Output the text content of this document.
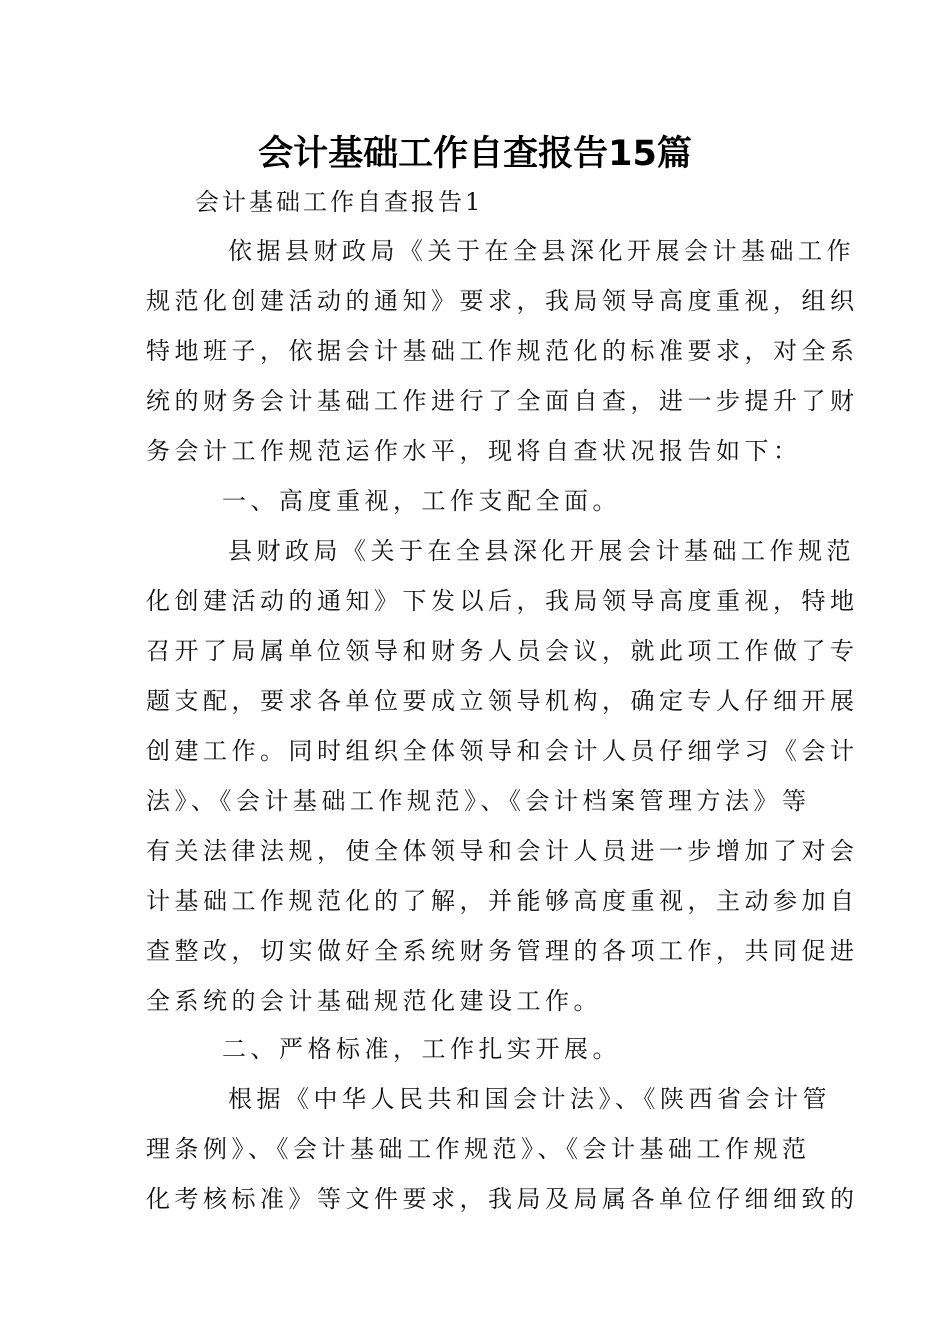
会计基础工作自查报告15篇
会计基础工作自查报告1
依据县财政局《关于在全县深化开展会计基础工作
规范化创建活动的通知》要求，我局领导高度重视，组织
特地班子，依据会计基础工作规范化的标准要求，对全系
统的财务会计基础工作进行了全面自查，进一步提升了财
务会计工作规范运作水平，现将自查状况报告如下：
一、高度重视，工作支配全面。
县财政局《关于在全县深化开展会计基础工作规范
化创建活动的通知》下发以后，我局领导高度重视，特地
召开了局属单位领导和财务人员会议，就此项工作做了专
题支配，要求各单位要成立领导机构，确定专人仔细开展
创建工作。同时组织全体领导和会计人员仔细学习《会计
法》、《会计基础工作规范》、《会计档案管理方法》等
有关法律法规，使全体领导和会计人员进一步增加了对会
计基础工作规范化的了解，并能够高度重视，主动参加自
查整改，切实做好全系统财务管理的各项工作，共同促进
全系统的会计基础规范化建设工作。
二、严格标准，工作扎实开展。
根据《中华人民共和国会计法》、《陕西省会计管
理条例》、《会计基础工作规范》、《会计基础工作规范
化考核标准》等文件要求，我局及局属各单位仔细细致的
